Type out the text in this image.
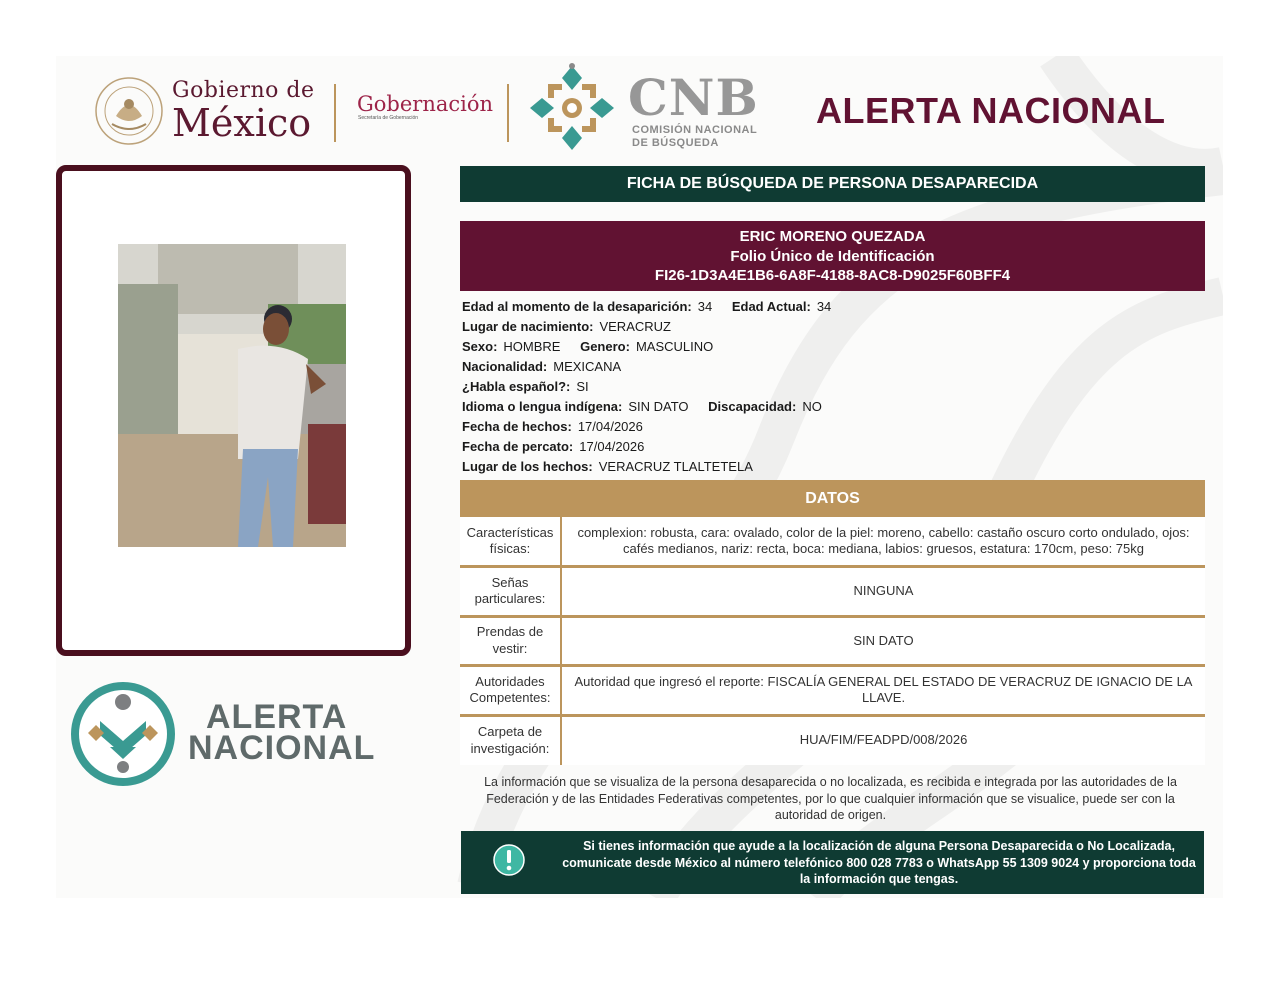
Gobierno de
México Gobernación
Secretaría de Gobernación	CNB
COMISIÓN NACIONAL
DE BÚSQUEDA
ALERTA NACIONAL
ALERTA
NACIONAL
FICHA DE BÚSQUEDA DE PERSONA DESAPARECIDA
ERIC MORENO QUEZADA
Folio Único de Identificación
FI26-1D3A4E1B6-6A8F-4188-8AC8-D9025F60BFF4
Edad al momento de la desaparición: 34 Edad Actual: 34
Lugar de nacimiento: VERACRUZ
Sexo: HOMBRE Genero: MASCULINO
Nacionalidad: MEXICANA
¿Habla español?: SI
Idioma o lengua indígena: SIN DATO Discapacidad: NO
Fecha de hechos: 17/04/2026
Fecha de percato: 17/04/2026
Lugar de los hechos: VERACRUZ TLALTETELA
DATOS
Características físicas:	complexion: robusta, cara: ovalado, color de la piel: moreno, cabello: castaño oscuro corto ondulado, ojos: cafés medianos, nariz: recta, boca: mediana, labios: gruesos, estatura: 170cm, peso: 75kg
Señas particulares:	NINGUNA
Prendas de vestir:	SIN DATO
Autoridades Competentes:	Autoridad que ingresó el reporte: FISCALÍA GENERAL DEL ESTADO DE VERACRUZ DE IGNACIO DE LA LLAVE.
Carpeta de investigación:	HUA/FIM/FEADPD/008/2026
La información que se visualiza de la persona desaparecida o no localizada, es recibida e integrada por las autoridades de la Federación y de las Entidades Federativas competentes, por lo que cualquier información que se visualice, puede ser con la autoridad de origen.
Si tienes información que ayude a la localización de alguna Persona Desaparecida o No Localizada, comunicate desde México al número telefónico 800 028 7783 o WhatsApp 55 1309 9024 y proporciona toda la información que tengas.
